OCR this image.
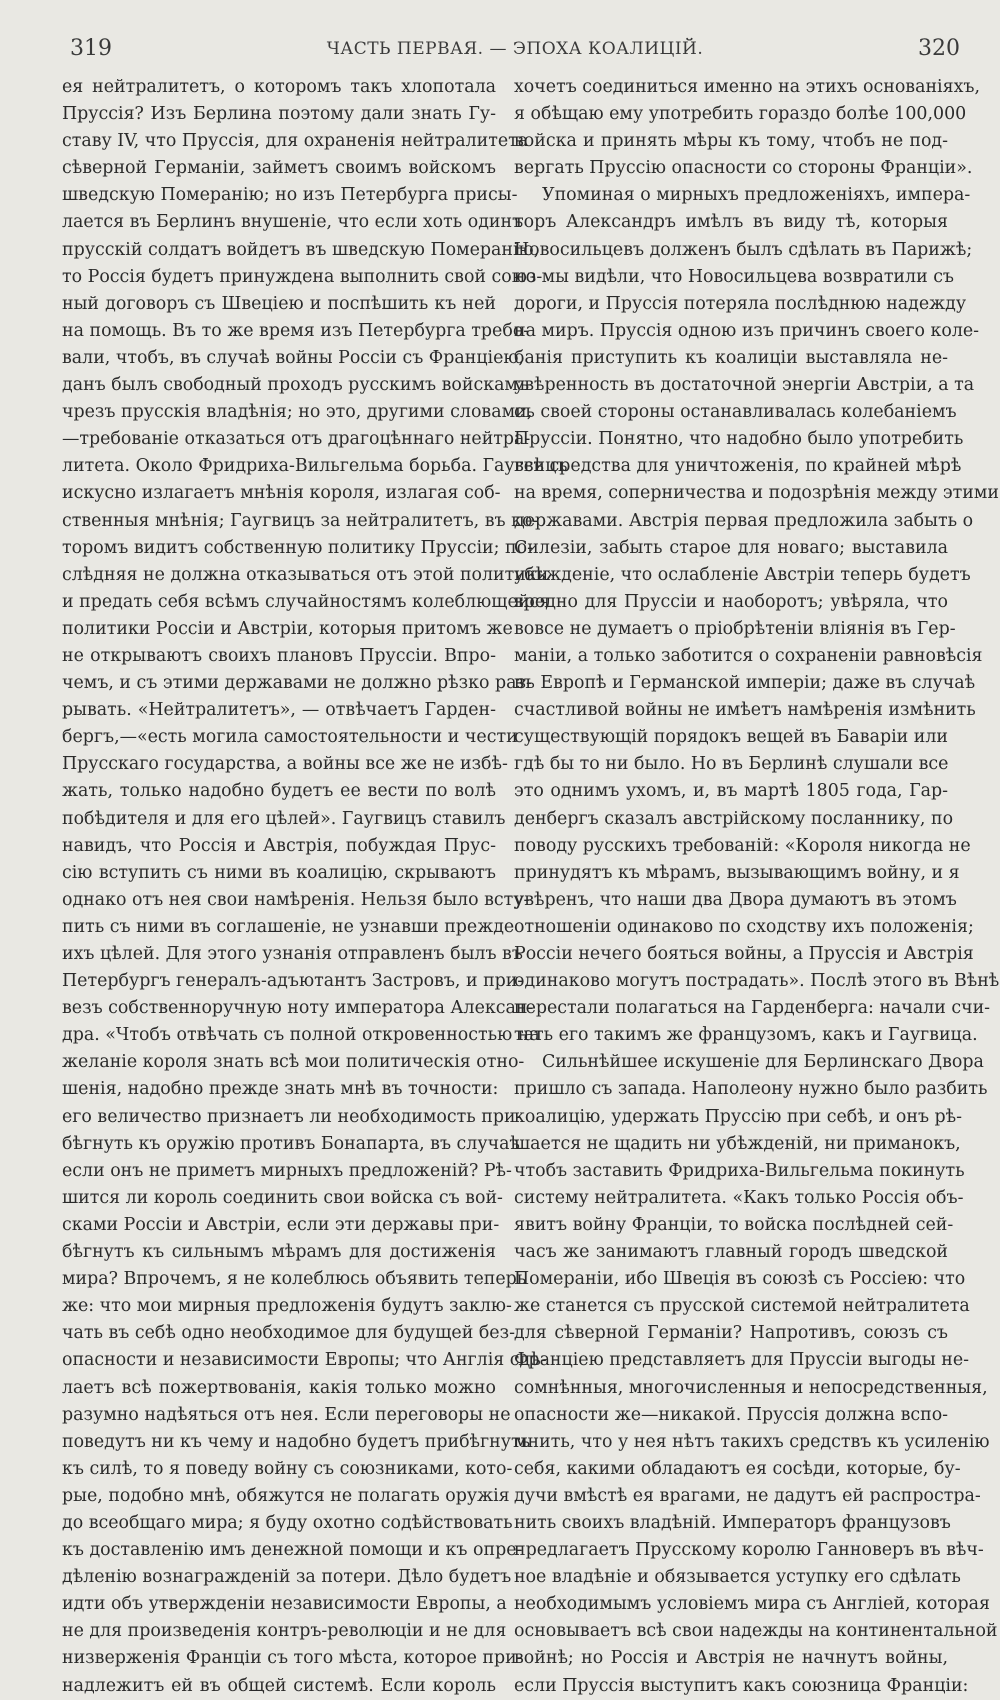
319	ЧАСТЬ ПЕРВАЯ. — ЭПОХА КОАЛИЦІЙ.	320
ея нейтралитетъ, о которомъ такъ хлопотала
Пруссія? Изъ Берлина поэтому дали знать Гу-
ставу IV, что Пруссія, для охраненія нейтралитета
сѣверной Германіи, займетъ своимъ войскомъ
шведскую Померанію; но изъ Петербурга присы-
лается въ Берлинъ внушеніе, что если хоть одинъ
прусскій солдатъ войдетъ въ шведскую Померанію,
то Россія будетъ принуждена выполнить свой союз-
ный договоръ съ Швеціею и поспѣшить къ ней
на помощь. Въ то же время изъ Петербурга требо-
вали, чтобъ, въ случаѣ войны Россіи съ Франціею,
данъ былъ свободный проходъ русскимъ войскамъ
чрезъ прусскія владѣнія; но это, другими словами,
—требованіе отказаться отъ драгоцѣннаго нейтра-
литета. Около Фридриха-Вильгельма борьба. Гаугвицъ
искусно излагаетъ мнѣнія короля, излагая соб-
ственныя мнѣнія; Гаугвицъ за нейтралитетъ, въ ко-
торомъ видитъ собственную политику Пруссіи; по-
слѣдняя не должна отказываться отъ этой политики
и предать себя всѣмъ случайностямъ колеблющейся
политики Россіи и Австріи, которыя притомъ же
не открываютъ своихъ плановъ Пруссіи. Впро-
чемъ, и съ этими державами не должно рѣзко раз-
рывать. «Нейтралитетъ», — отвѣчаетъ Гарден-
бергъ,—«есть могила самостоятельности и чести
Прусскаго государства, а войны все же не избѣ-
жать, только надобно будетъ ее вести по волѣ
побѣдителя и для его цѣлей». Гаугвицъ ставилъ
навидъ, что Россія и Австрія, побуждая Прус-
сію вступить съ ними въ коалицію, скрываютъ
однако отъ нея свои намѣренія. Нельзя было всту-
пить съ ними въ соглашеніе, не узнавши прежде
ихъ цѣлей. Для этого узнанія отправленъ былъ въ
Петербургъ генералъ-адъютантъ Застровъ, и при-
везъ собственноручную ноту императора Алексан-
дра. «Чтобъ отвѣчать съ полной откровенностью на
желаніе короля знать всѣ мои политическія отно-
шенія, надобно прежде знать мнѣ въ точности:
его величество признаетъ ли необходимость при-
бѣгнуть къ оружію противъ Бонапарта, въ случаѣ
если онъ не приметъ мирныхъ предложеній? Рѣ-
шится ли король соединить свои войска съ вой-
сками Россіи и Австріи, если эти державы при-
бѣгнутъ къ сильнымъ мѣрамъ для достиженія
мира? Впрочемъ, я не колеблюсь объявить теперь
же: что мои мирныя предложенія будутъ заклю-
чать въ себѣ одно необходимое для будущей без-
опасности и независимости Европы; что Англія сдѣ-
лаетъ всѣ пожертвованія, какія только можно
разумно надѣяться отъ нея. Если переговоры не
поведутъ ни къ чему и надобно будетъ прибѣгнуть
къ силѣ, то я поведу войну съ союзниками, кото-
рые, подобно мнѣ, обяжутся не полагать оружія
до всеобщаго мира; я буду охотно содѣйствовать
къ доставленію имъ денежной помощи и къ опре-
дѣленію вознагражденій за потери. Дѣло будетъ
идти объ утвержденіи независимости Европы, а
не для произведенія контръ-революціи и не для
низверженія Франціи съ того мѣста, которое при-
надлежитъ ей въ общей системѣ. Если король
хочетъ соединиться именно на этихъ основаніяхъ,
я обѣщаю ему употребить гораздо болѣе 100,000
войска и принять мѣры къ тому, чтобъ не под-
вергать Пруссію опасности со стороны Франціи».
Упоминая о мирныхъ предложеніяхъ, импера-
торъ Александръ имѣлъ въ виду тѣ, которыя
Новосильцевъ долженъ былъ сдѣлать въ Парижѣ;
но мы видѣли, что Новосильцева возвратили съ
дороги, и Пруссія потеряла послѣднюю надежду
на миръ. Пруссія одною изъ причинъ своего коле-
банія приступить къ коалиціи выставляла не-
увѣренность въ достаточной энергіи Австріи, а та
съ своей стороны останавливалась колебаніемъ
Пруссіи. Понятно, что надобно было употребить
всѣ средства для уничтоженія, по крайней мѣрѣ
на время, соперничества и подозрѣнія между этими
державами. Австрія первая предложила забыть о
Силезіи, забыть старое для новаго; выставила
убѣжденіе, что ослабленіе Австріи теперь будетъ
вредно для Пруссіи и наоборотъ; увѣряла, что
вовсе не думаетъ о пріобрѣтеніи вліянія въ Гер-
маніи, а только заботится о сохраненіи равновѣсія
въ Европѣ и Германской имперіи; даже въ случаѣ
счастливой войны не имѣетъ намѣренія измѣнить
существующій порядокъ вещей въ Баваріи или
гдѣ бы то ни было. Но въ Берлинѣ слушали все
это однимъ ухомъ, и, въ мартѣ 1805 года, Гар-
денбергъ сказалъ австрійскому посланнику, по
поводу русскихъ требованій: «Короля никогда не
принудятъ къ мѣрамъ, вызывающимъ войну, и я
увѣренъ, что наши два Двора думаютъ въ этомъ
отношеніи одинаково по сходству ихъ положенія;
Россіи нечего бояться войны, а Пруссія и Австрія
одинаково могутъ пострадать». Послѣ этого въ Вѣнѣ
перестали полагаться на Гарденберга: начали счи-
тать его такимъ же французомъ, какъ и Гаугвица.
Сильнѣйшее искушеніе для Берлинскаго Двора
пришло съ запада. Наполеону нужно было разбить
коалицію, удержать Пруссію при себѣ, и онъ рѣ-
шается не щадить ни убѣжденій, ни приманокъ,
чтобъ заставить Фридриха-Вильгельма покинуть
систему нейтралитета. «Какъ только Россія объ-
явитъ войну Франціи, то войска послѣдней сей-
часъ же занимаютъ главный городъ шведской
Помераніи, ибо Швеція въ союзѣ съ Россіею: что
же станется съ прусской системой нейтралитета
для сѣверной Германіи? Напротивъ, союзъ съ
Франціею представляетъ для Пруссіи выгоды не-
сомнѣнныя, многочисленныя и непосредственныя,
опасности же—никакой. Пруссія должна вспо-
мнить, что у нея нѣтъ такихъ средствъ къ усиленію
себя, какими обладаютъ ея сосѣди, которые, бу-
дучи вмѣстѣ ея врагами, не дадутъ ей распростра-
нить своихъ владѣній. Императоръ французовъ
предлагаетъ Прусскому королю Ганноверъ въ вѣч-
ное владѣніе и обязывается уступку его сдѣлать
необходимымъ условіемъ мира съ Англіей, которая
основываетъ всѣ свои надежды на континентальной
войнѣ; но Россія и Австрія не начнутъ войны,
если Пруссія выступитъ какъ союзница Франціи:
